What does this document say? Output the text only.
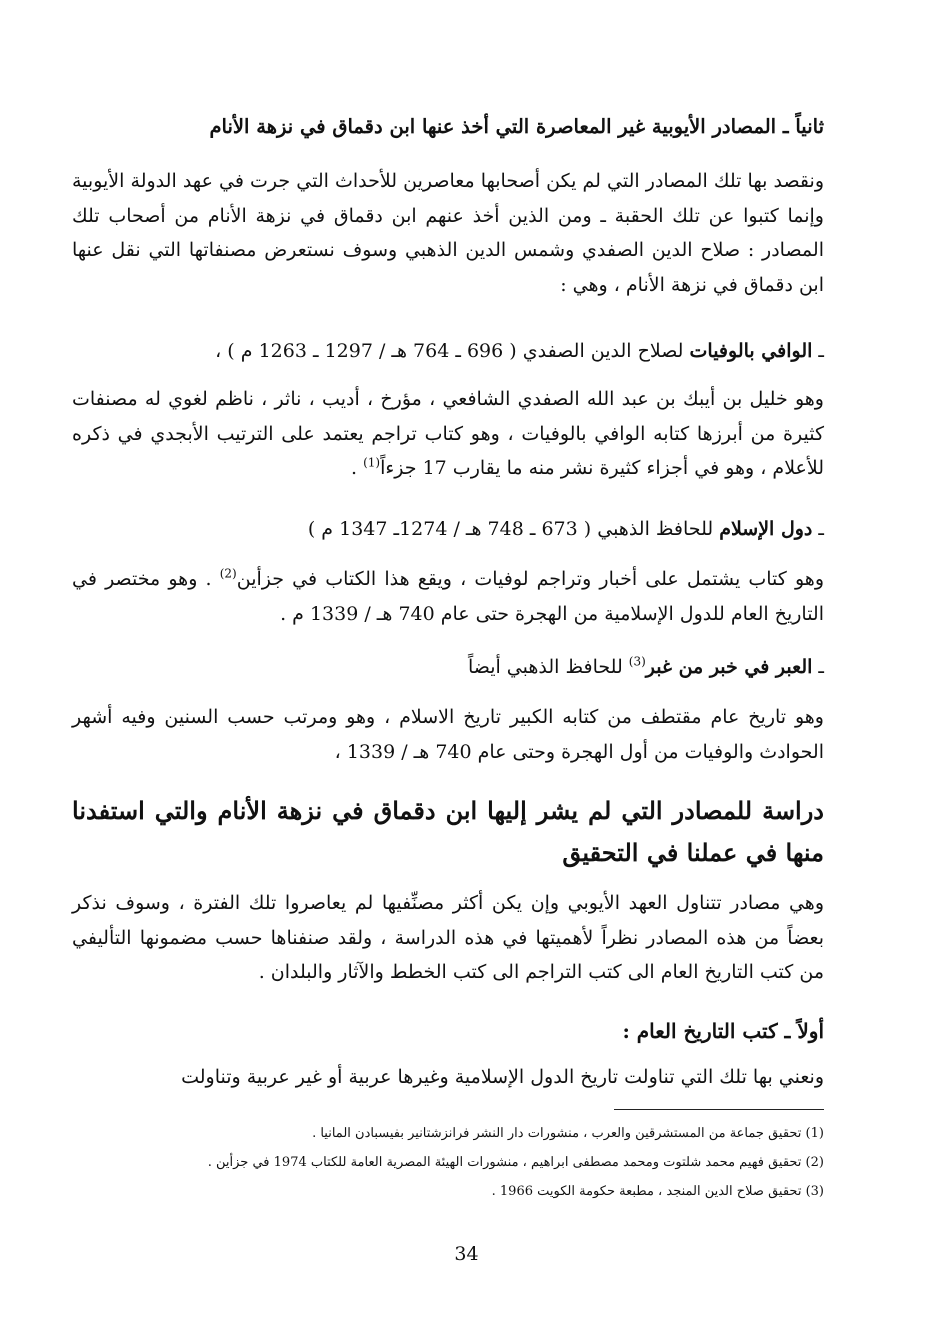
ثانياً ـ المصادر الأيوبية غير المعاصرة التي أخذ عنها ابن دقماق في نزهة الأنام

ونقصد بها تلك المصادر التي لم يكن أصحابها معاصرين للأحداث التي جرت في عهد الدولة الأيوبية وإنما كتبوا عن تلك الحقبة ـ ومن الذين أخذ عنهم ابن دقماق في نزهة الأنام من أصحاب تلك المصادر : صلاح الدين الصفدي وشمس الدين الذهبي وسوف نستعرض مصنفاتها التي نقل عنها ابن دقماق في نزهة الأنام ، وهي :

ـ الوافي بالوفيات لصلاح الدين الصفدي ( 696 ـ 764 هـ / 1297 ـ 1263 م ) ،

وهو خليل بن أيبك بن عبد الله الصفدي الشافعي ، مؤرخ ، أديب ، ناثر ، ناظم لغوي له مصنفات كثيرة من أبرزها كتابه الوافي بالوفيات ، وهو كتاب تراجم يعتمد على الترتيب الأبجدي في ذكره للأعلام ، وهو في أجزاء كثيرة نشر منه ما يقارب 17 جزءاً$^{(1)}$ .

ـ دول الإسلام للحافظ الذهبي ( 673 ـ 748 هـ / 1274ـ 1347 م )

وهو كتاب يشتمل على أخبار وتراجم لوفيات ، ويقع هذا الكتاب في جزأين$^{(2)}$ . وهو مختصر في التاريخ العام للدول الإسلامية من الهجرة حتى عام 740 هـ / 1339 م .

ـ العبر في خبر من غبر$^{(3)}$ للحافظ الذهبي أيضاً

وهو تاريخ عام مقتطف من كتابه الكبير تاريخ الاسلام ، وهو ومرتب حسب السنين وفيه أشهر الحوادث والوفيات من أول الهجرة وحتى عام 740 هـ / 1339 ،

دراسة للمصادر التي لم يشر إليها ابن دقماق في نزهة الأنام والتي استفدنا منها في عملنا في التحقيق

وهي مصادر تتناول العهد الأيوبي وإن يكن أكثر مصنِّفيها لم يعاصروا تلك الفترة ، وسوف نذكر بعضاً من هذه المصادر نظراً لأهميتها في هذه الدراسة ، ولقد صنفناها حسب مضمونها التأليفي من كتب التاريخ العام الى كتب التراجم الى كتب الخطط والآثار والبلدان .

أولاً ـ كتب التاريخ العام :

ونعني بها تلك التي تناولت تاريخ الدول الإسلامية وغيرها عربية أو غير عربية وتناولت

(1) تحقيق جماعة من المستشرقين والعرب ، منشورات دار النشر فرانزشتانير بفيسبادن المانيا .

(2) تحقيق فهيم محمد شلتوت ومحمد مصطفى ابراهيم ، منشورات الهيئة المصرية العامة للكتاب 1974 في جزأين .

(3) تحقيق صلاح الدين المنجد ، مطبعة حكومة الكويت 1966 .

34
